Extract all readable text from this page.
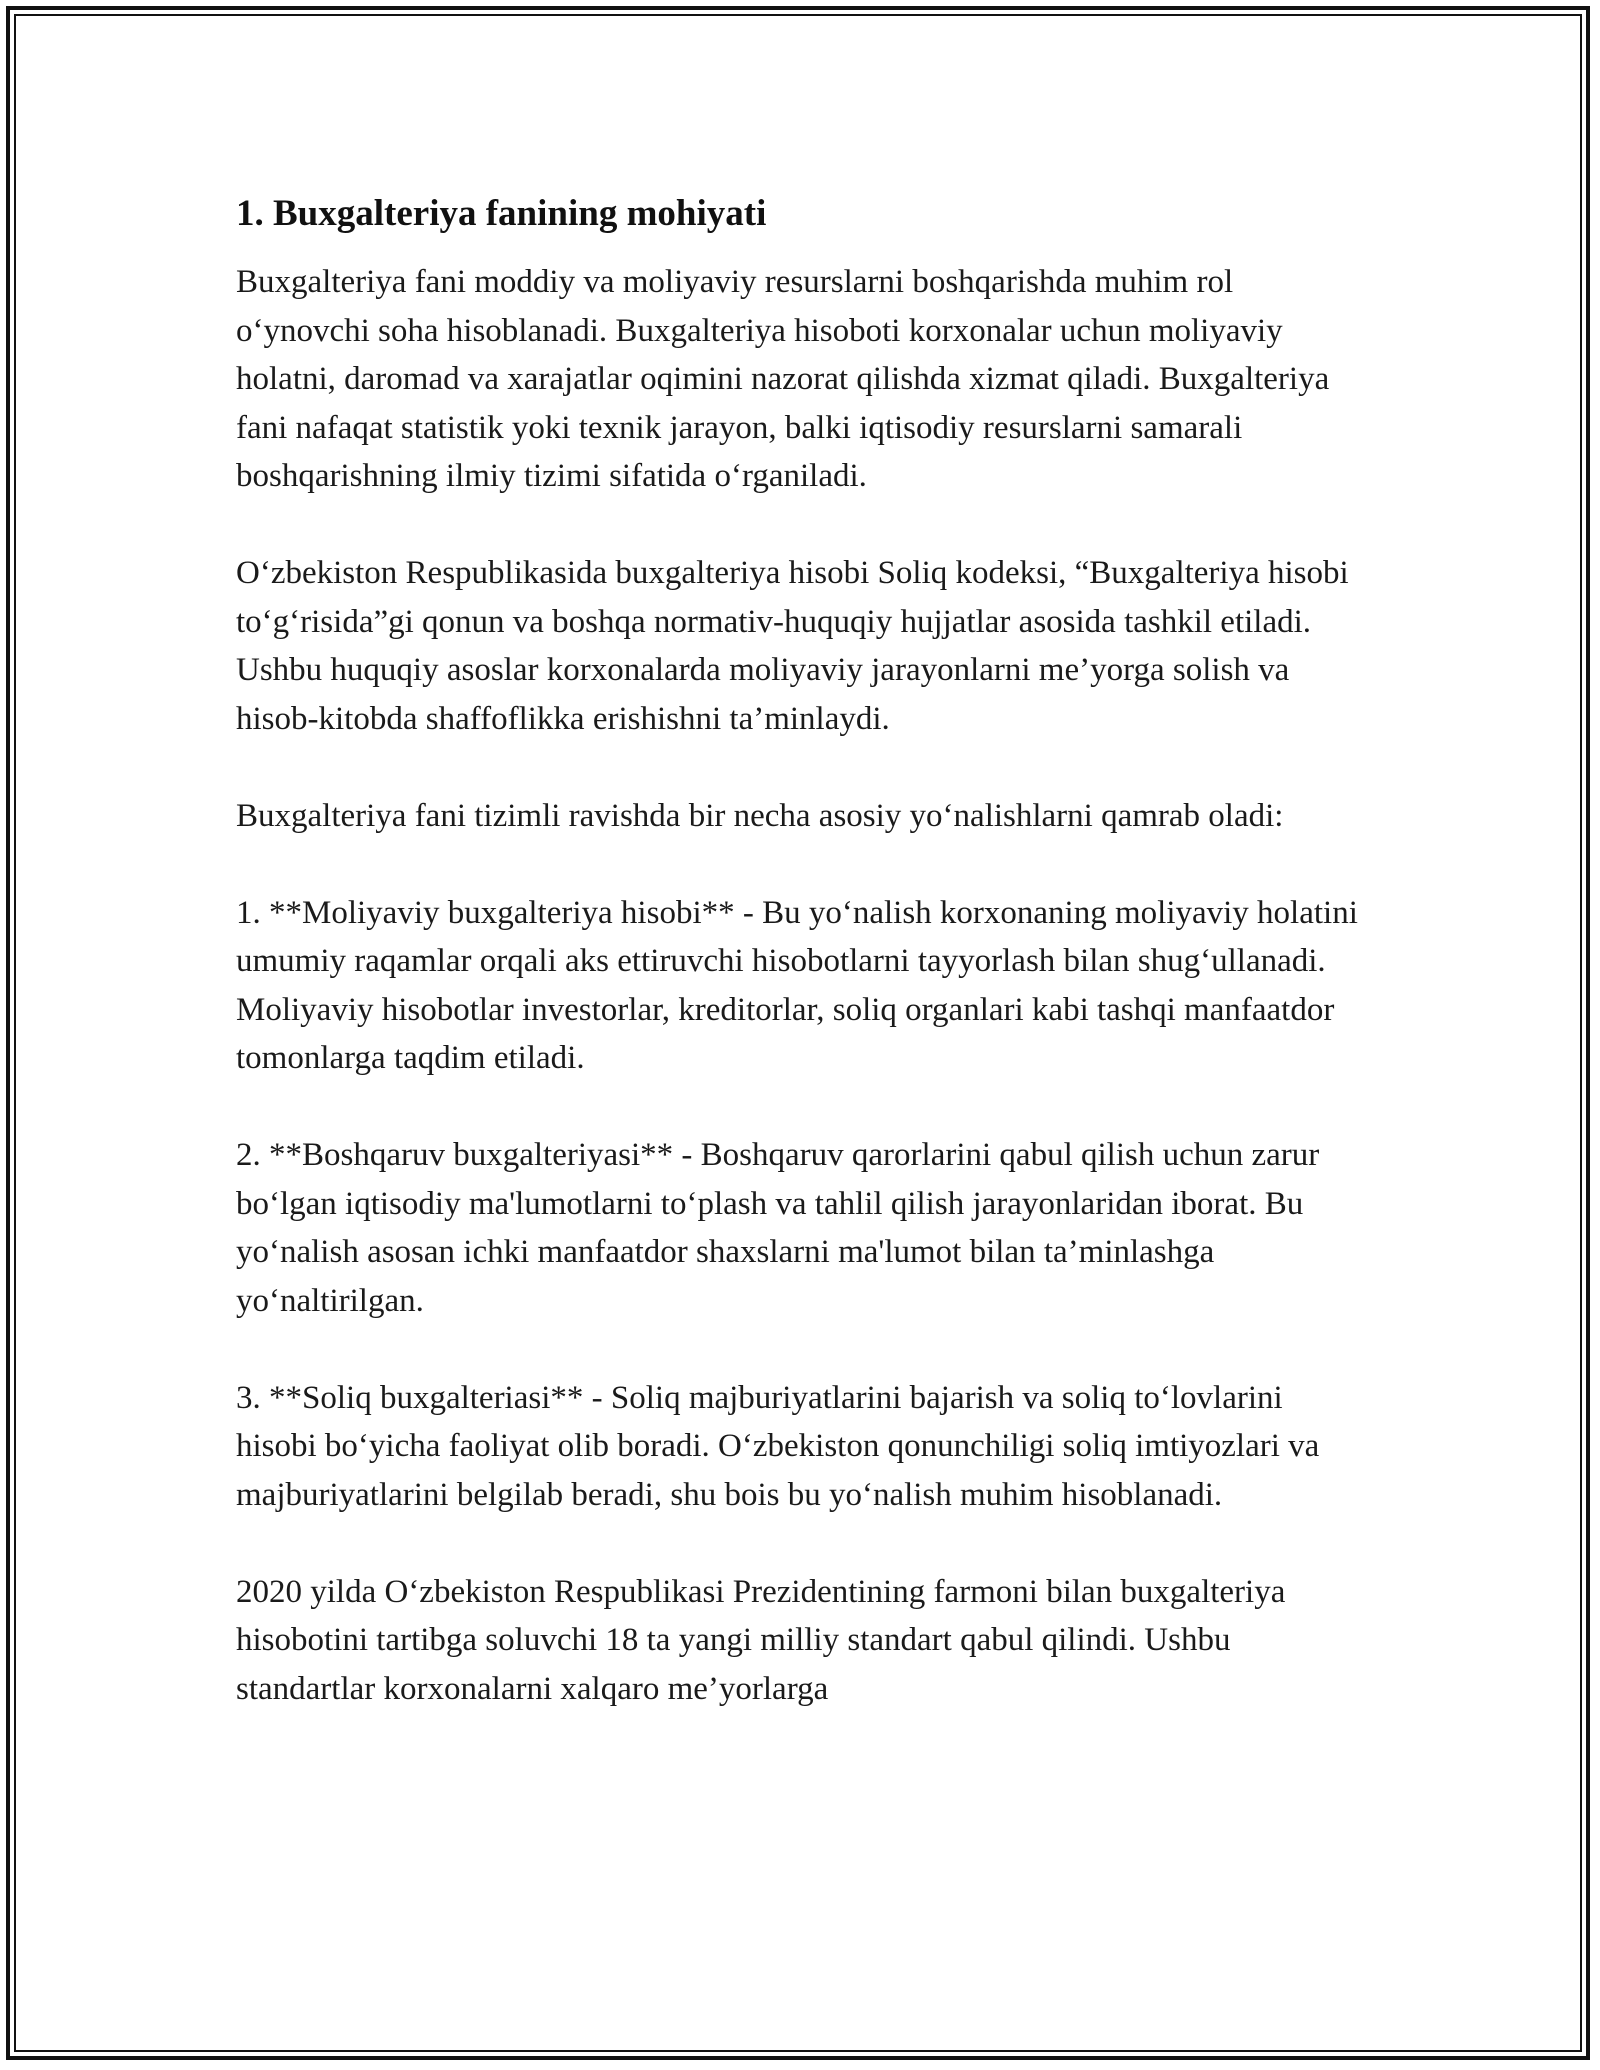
1. Buxgalteriya fanining mohiyati

Buxgalteriya fani moddiy va moliyaviy resurslarni boshqarishda muhim rol o‘ynovchi soha hisoblanadi. Buxgalteriya hisoboti korxonalar uchun moliyaviy holatni, daromad va xarajatlar oqimini nazorat qilishda xizmat qiladi. Buxgalteriya fani nafaqat statistik yoki texnik jarayon, balki iqtisodiy resurslarni samarali boshqarishning ilmiy tizimi sifatida o‘rganiladi.

O‘zbekiston Respublikasida buxgalteriya hisobi Soliq kodeksi, “Buxgalteriya hisobi to‘g‘risida”gi qonun va boshqa normativ-huquqiy hujjatlar asosida tashkil etiladi. Ushbu huquqiy asoslar korxonalarda moliyaviy jarayonlarni me’yorga solish va hisob-kitobda shaffoflikka erishishni ta’minlaydi.

Buxgalteriya fani tizimli ravishda bir necha asosiy yo‘nalishlarni qamrab oladi:

1. **Moliyaviy buxgalteriya hisobi** - Bu yo‘nalish korxonaning moliyaviy holatini umumiy raqamlar orqali aks ettiruvchi hisobotlarni tayyorlash bilan shug‘ullanadi. Moliyaviy hisobotlar investorlar, kreditorlar, soliq organlari kabi tashqi manfaatdor tomonlarga taqdim etiladi.

2. **Boshqaruv buxgalteriyasi** - Boshqaruv qarorlarini qabul qilish uchun zarur bo‘lgan iqtisodiy ma'lumotlarni to‘plash va tahlil qilish jarayonlaridan iborat. Bu yo‘nalish asosan ichki manfaatdor shaxslarni ma'lumot bilan ta’minlashga yo‘naltirilgan.

3. **Soliq buxgalteriasi** - Soliq majburiyatlarini bajarish va soliq to‘lovlarini hisobi bo‘yicha faoliyat olib boradi. O‘zbekiston qonunchiligi soliq imtiyozlari va majburiyatlarini belgilab beradi, shu bois bu yo‘nalish muhim hisoblanadi.

2020 yilda O‘zbekiston Respublikasi Prezidentining farmoni bilan buxgalteriya hisobotini tartibga soluvchi 18 ta yangi milliy standart qabul qilindi. Ushbu standartlar korxonalarni xalqaro me’yorlarga
